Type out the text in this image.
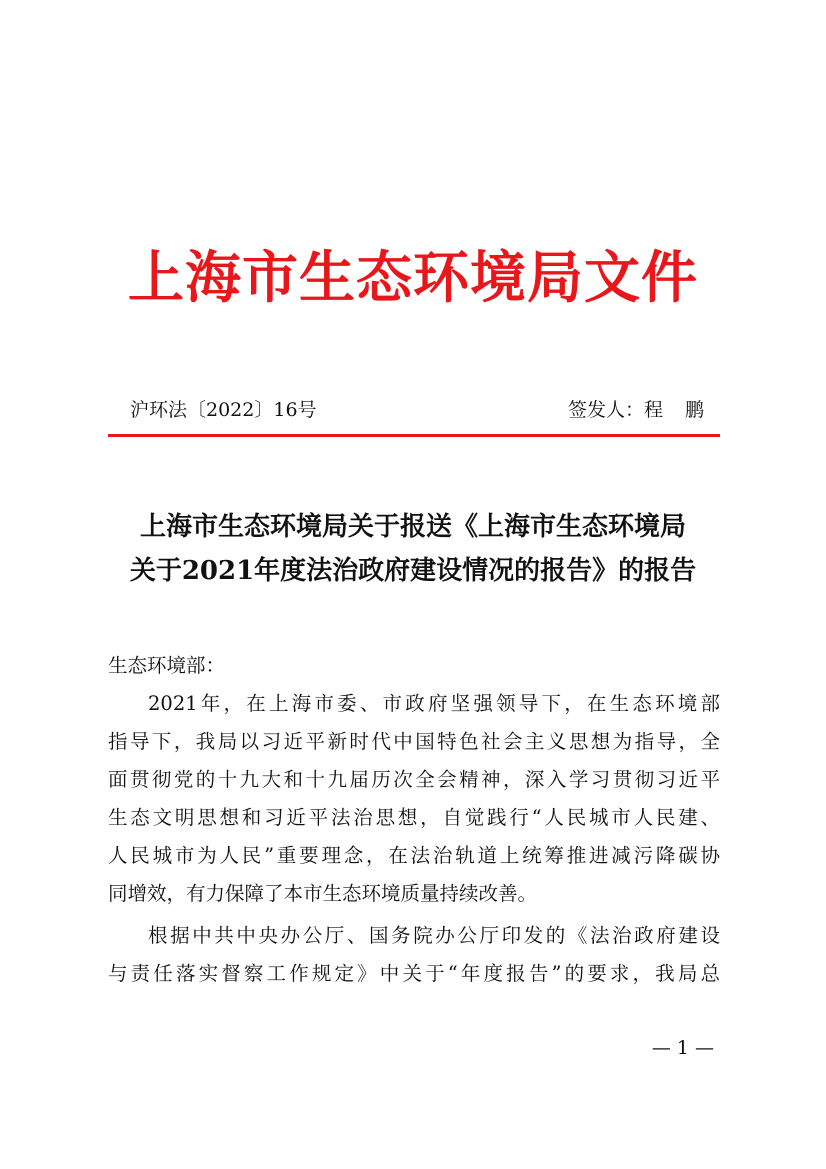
上海市生态环境局文件
沪环法〔2022〕16号	签发人：程鹏
上海市生态环境局关于报送《上海市生态环境局
关于2021年度法治政府建设情况的报告》的报告

生态环境部：

2021年，在上海市委、市政府坚强领导下，在生态环境部
指导下，我局以习近平新时代中国特色社会主义思想为指导，全
面贯彻党的十九大和十九届历次全会精神，深入学习贯彻习近平
生态文明思想和习近平法治思想，自觉践行“人民城市人民建、
人民城市为人民”重要理念，在法治轨道上统筹推进减污降碳协
同增效，有力保障了本市生态环境质量持续改善。
根据中共中央办公厅、国务院办公厅印发的《法治政府建设
与责任落实督察工作规定》中关于“年度报告”的要求，我局总
— 1 —
